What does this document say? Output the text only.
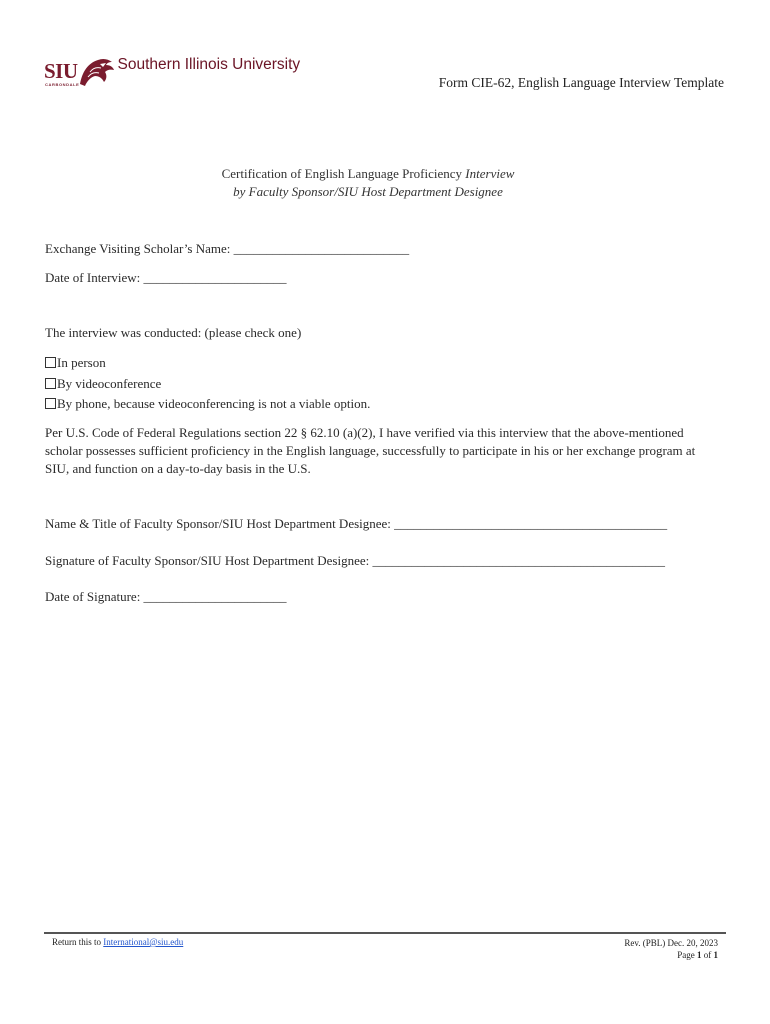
SIU
CARBONDALE
Southern Illinois University
Form CIE-62, English Language Interview Template
Certification of English Language Proficiency Interview
by Faculty Sponsor/SIU Host Department Designee
Exchange Visiting Scholar’s Name: ___________________________
Date of Interview: ______________________
The interview was conducted: (please check one)
In person
By videoconference
By phone, because videoconferencing is not a viable option.
Per U.S. Code of Federal Regulations section 22 § 62.10 (a)(2), I have verified via this interview that the above-mentioned scholar possesses sufficient proficiency in the English language, successfully to participate in his or her exchange program at SIU, and function on a day-to-day basis in the U.S.
Name & Title of Faculty Sponsor/SIU Host Department Designee: __________________________________________
Signature of Faculty Sponsor/SIU Host Department Designee: _____________________________________________
Date of Signature: ______________________
Return this to International@siu.edu	Rev. (PBL) Dec. 20, 2023
Page 1 of 1
